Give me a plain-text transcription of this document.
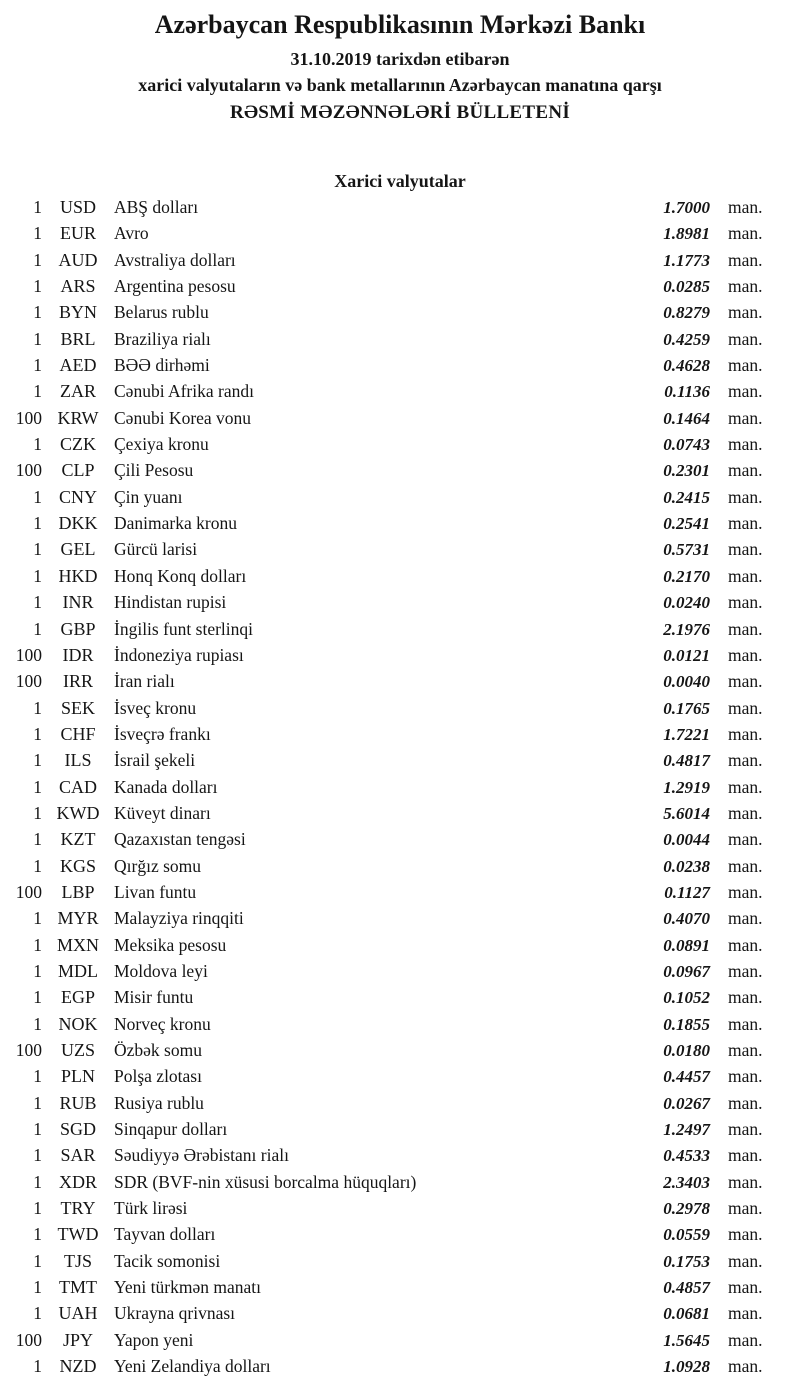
Azərbaycan Respublikasının Mərkəzi Bankı
31.10.2019 tarixdən etibarən
xarici valyutaların və bank metallarının Azərbaycan manatına qarşı
RƏSMİ MƏZƏNNƏLƏRİ BÜLLETENİ
Xarici valyutalar
1 USD	ABŞ dolları	1.7000 man.
1	EUR	Avro	1.8981 man.
1 AUD Avstraliya dolları	1.1773 man.
1	ARS	Argentina pesosu	0.0285 man.
1 BYN Belarus rublu	0.8279 man.
1	BRL	Braziliya rialı	0.4259 man.
1 AED	BƏƏ dirhəmi	0.4628 man.
1	ZAR	Cənubi Afrika randı	0.1136 man.
100 KRW Cənubi Korea vonu	0.1464 man.
1	CZK	Çexiya kronu	0.0743 man.
100	CLP	Çili Pesosu	0.2301 man.
1 CNY Çin yuanı	0.2415 man.
1 DKK Danimarka kronu	0.2541 man.
1	GEL	Gürcü larisi	0.5731 man.
1 HKD Honq Konq dolları	0.2170 man.
1	INR	Hindistan rupisi	0.0240 man.
1	GBP	İngilis funt sterlinqi	2.1976 man.
100	IDR	İndoneziya rupiası	0.0121 man.
100	IRR	İran rialı	0.0040 man.
1	SEK	İsveç kronu	0.1765 man.
1	CHF	İsveçrə frankı	1.7221 man.
1	ILS	İsrail şekeli	0.4817 man.
1 CAD Kanada dolları	1.2919 man.
1 KWD Küveyt dinarı	5.6014 man.
1	KZT	Qazaxıstan tengəsi	0.0044 man.
1 KGS	Qırğız somu	0.0238 man.
100	LBP	Livan funtu	0.1127 man.
1 MYR Malayziya rinqqiti	0.4070 man.
1 MXN Meksika pesosu	0.0891 man.
1 MDL Moldova leyi	0.0967 man.
1	EGP	Misir funtu	0.1052 man.
1 NOK Norveç kronu	0.1855 man.
100	UZS	Özbək somu	0.0180 man.
1	PLN	Polşa zlotası	0.4457 man.
1 RUB	Rusiya rublu	0.0267 man.
1 SGD	Sinqapur dolları	1.2497 man.
1	SAR	Səudiyyə Ərəbistanı rialı	0.4533 man.
1 XDR SDR (BVF-nin xüsusi borcalma hüquqları)	2.3403 man.
1	TRY	Türk lirəsi	0.2978 man.
1 TWD Tayvan dolları	0.0559 man.
1	TJS	Tacik somonisi	0.1753 man.
1 TMT Yeni türkmən manatı	0.4857 man.
1 UAH Ukrayna qrivnası	0.0681 man.
100	JPY	Yapon yeni	1.5645 man.
1 NZD	Yeni Zelandiya dolları	1.0928 man.
